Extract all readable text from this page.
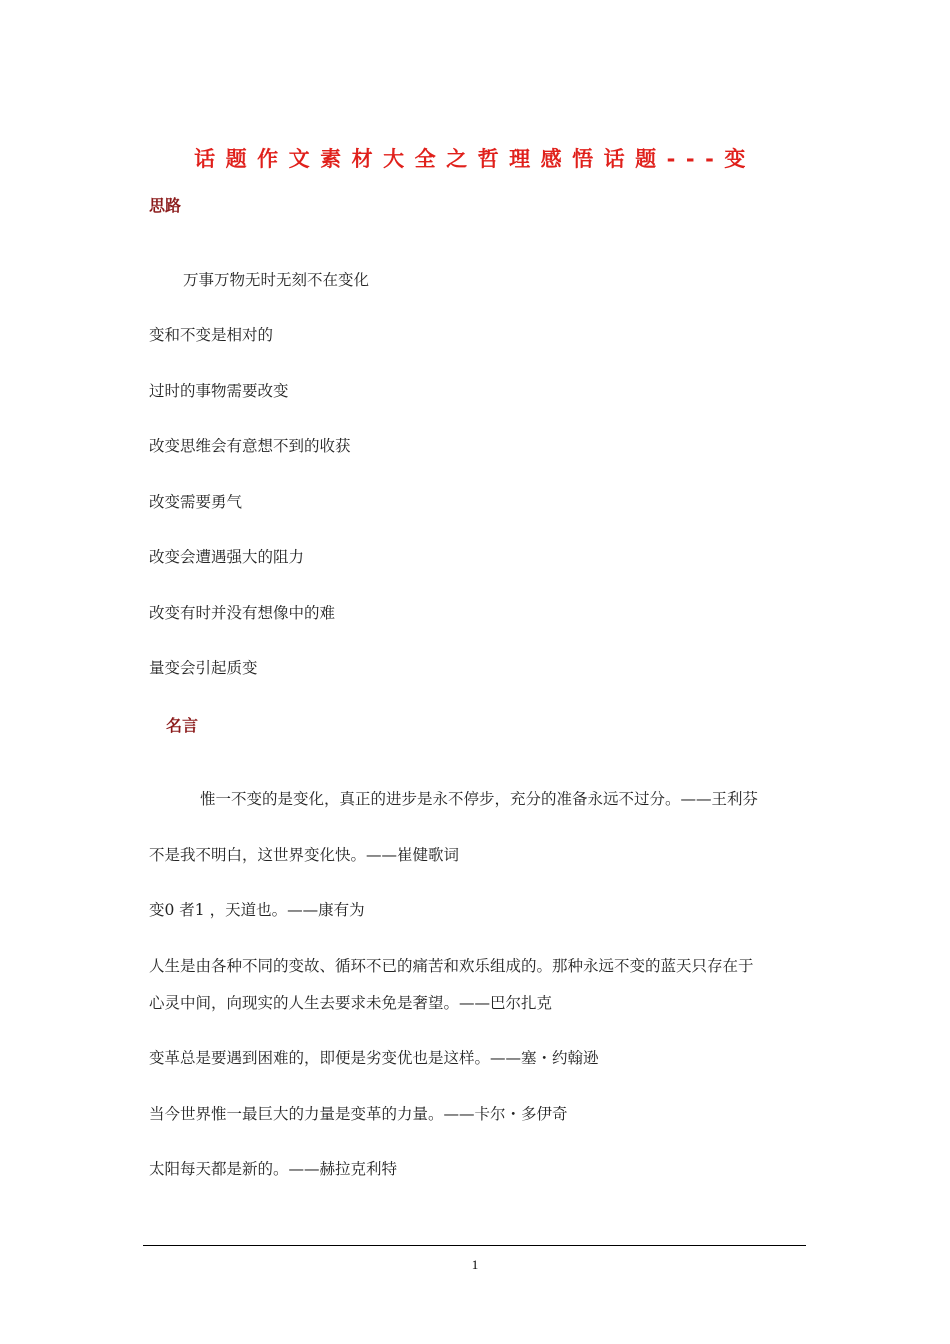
话题作文素材大全之哲理感悟话题---变
思路
万事万物无时无刻不在变化
变和不变是相对的
过时的事物需要改变
改变思维会有意想不到的收获
改变需要勇气
改变会遭遇强大的阻力
改变有时并没有想像中的难
量变会引起质变
名言
惟一不变的是变化，真正的进步是永不停步，充分的准备永远不过分。——王利芬
不是我不明白，这世界变化快。——崔健歌词
变0 者1 ，天道也。——康有为
人生是由各种不同的变故、循环不已的痛苦和欢乐组成的。那种永远不变的蓝天只存在于
心灵中间，向现实的人生去要求未免是奢望。——巴尔扎克
变革总是要遇到困难的，即便是劣变优也是这样。——塞・约翰逊
当今世界惟一最巨大的力量是变革的力量。——卡尔・多伊奇
太阳每天都是新的。——赫拉克利特
1
